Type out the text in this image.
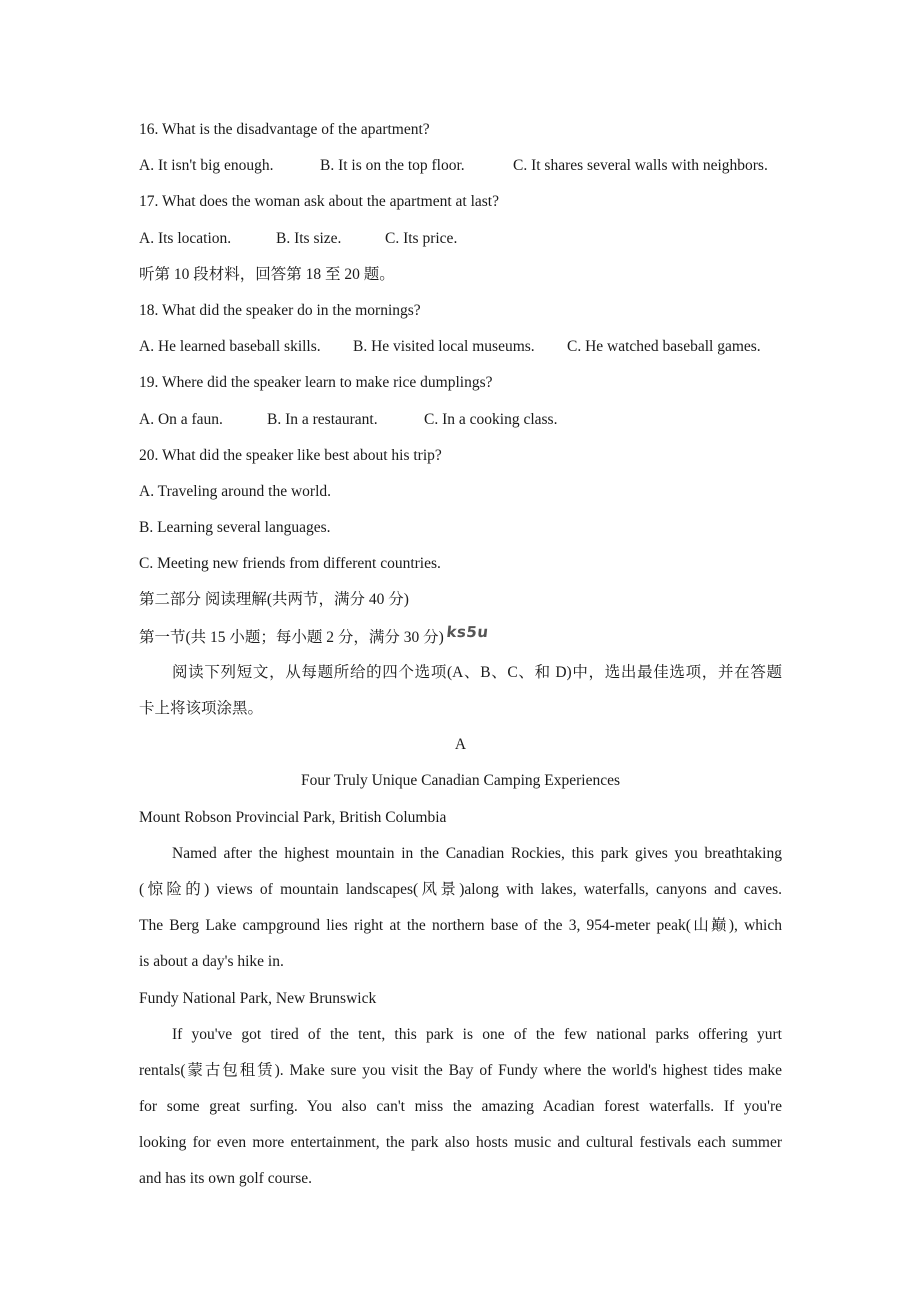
16. What is the disadvantage of the apartment?
A. It isn't big enough.	B. It is on the top floor.	C. It shares several walls with neighbors.
17. What does the woman ask about the apartment at last?
A. Its location.	B. Its size.	C. Its price.
听第 10 段材料，回答第 18 至 20 题。
18. What did the speaker do in the mornings?
A. He learned baseball skills. B. He visited local museums. C. He watched baseball games.
19. Where did the speaker learn to make rice dumplings?
A. On a faun.	B. In a restaurant.	C. In a cooking class.
20. What did the speaker like best about his trip?
A. Traveling around the world.
B. Learning several languages.
C. Meeting new friends from different countries.
第二部分 阅读理解(共两节，满分 40 分)
第一节(共 15 小题；每小题 2 分，满分 30 分) ks5u
阅读下列短文，从每题所给的四个选项(A、B、C、和 D)中，选出最佳选项，并在答题
卡上将该项涂黑。
A
Four Truly Unique Canadian Camping Experiences
Mount Robson Provincial Park, British Columbia
Named after the highest mountain in the Canadian Rockies, this park gives you breathtaking
(惊险的) views of mountain landscapes(风景)along with lakes, waterfalls, canyons and caves.
The Berg Lake campground lies right at the northern base of the 3, 954-meter peak(山巅), which
is about a day's hike in.
Fundy National Park, New Brunswick
If you've got tired of the tent, this park is one of the few national parks offering yurt
rentals(蒙古包租赁). Make sure you visit the Bay of Fundy where the world's highest tides make
for some great surfing. You also can't miss the amazing Acadian forest waterfalls. If you're
looking for even more entertainment, the park also hosts music and cultural festivals each summer
and has its own golf course.
